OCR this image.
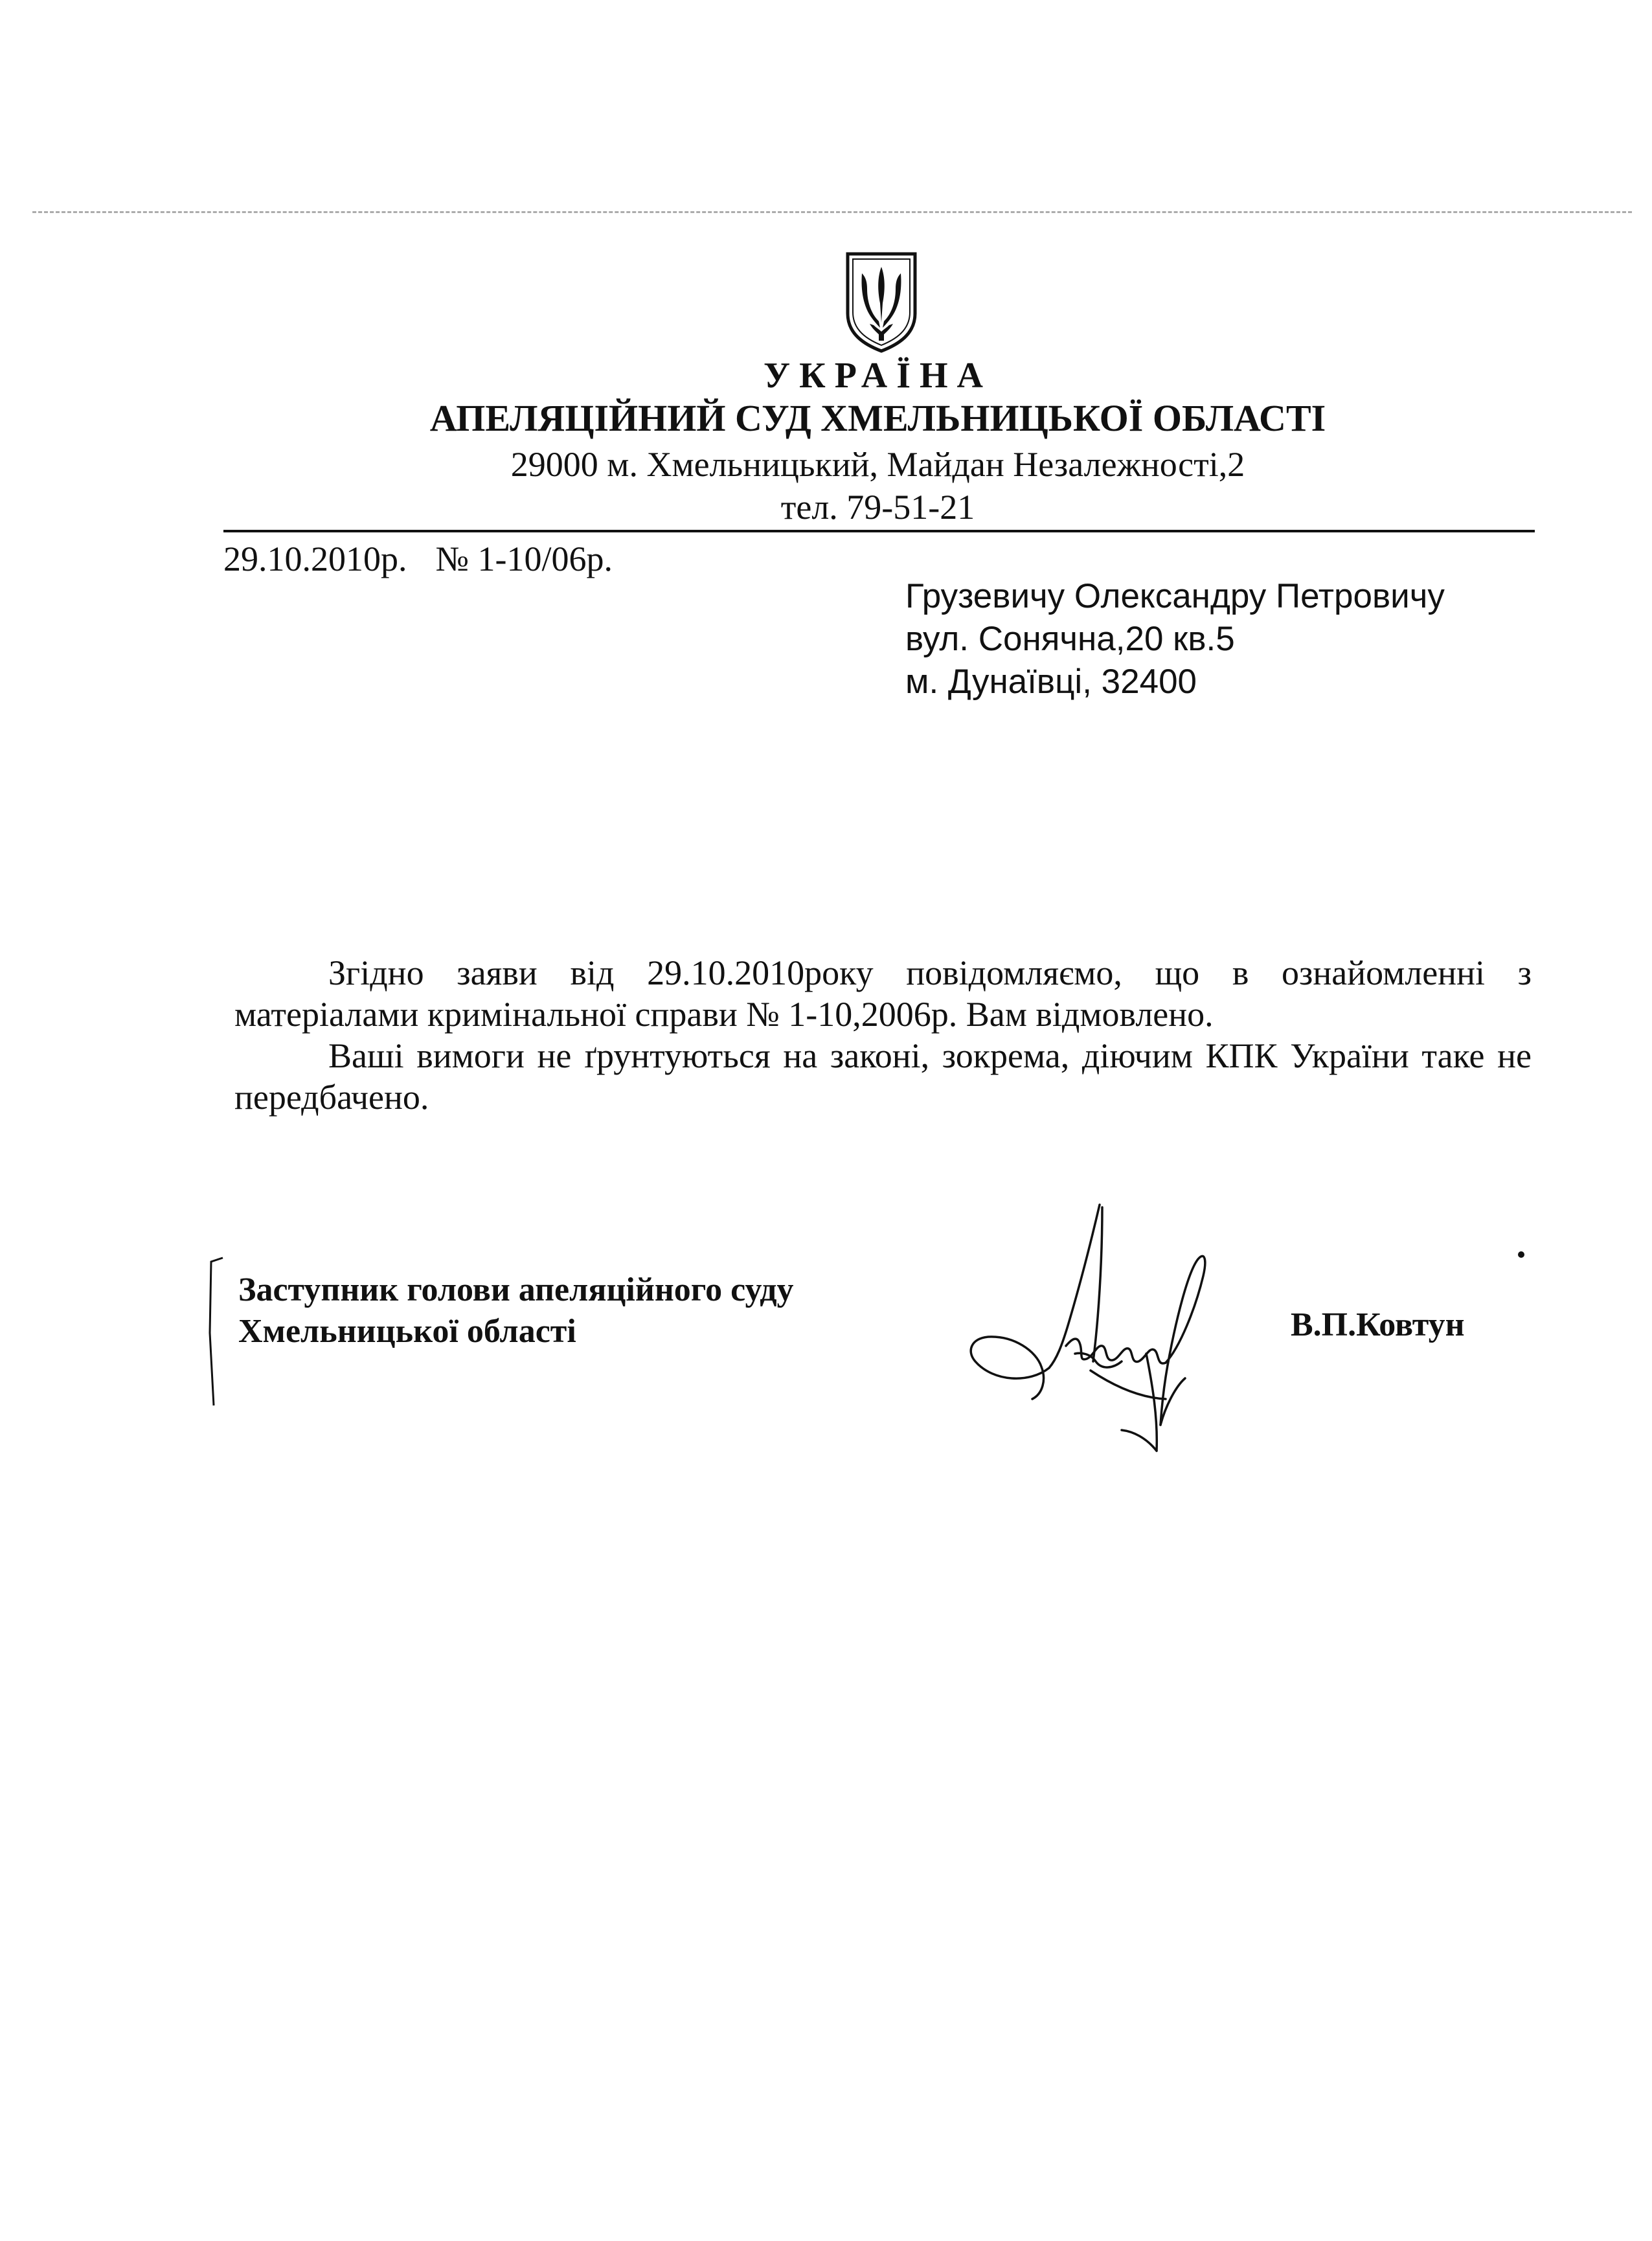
УКРАЇНА
АПЕЛЯЦІЙНИЙ СУД ХМЕЛЬНИЦЬКОЇ ОБЛАСТІ
29000 м. Хмельницький, Майдан Незалежності,2
тел. 79-51-21
29.10.2010р. № 1-10/06р.
Грузевичу Олександру Петровичу
вул. Сонячна,20 кв.5
м. Дунаївці, 32400

Згідно заяви від 29.10.2010року повідомляємо, що в ознайомленні з матеріалами кримінальної справи № 1-10,2006р. Вам відмовлено.

Ваші вимоги не ґрунтуються на законі, зокрема, діючим КПК України таке не передбачено.

Заступник голови апеляційного суду
Хмельницької області	В.П.Ковтун
